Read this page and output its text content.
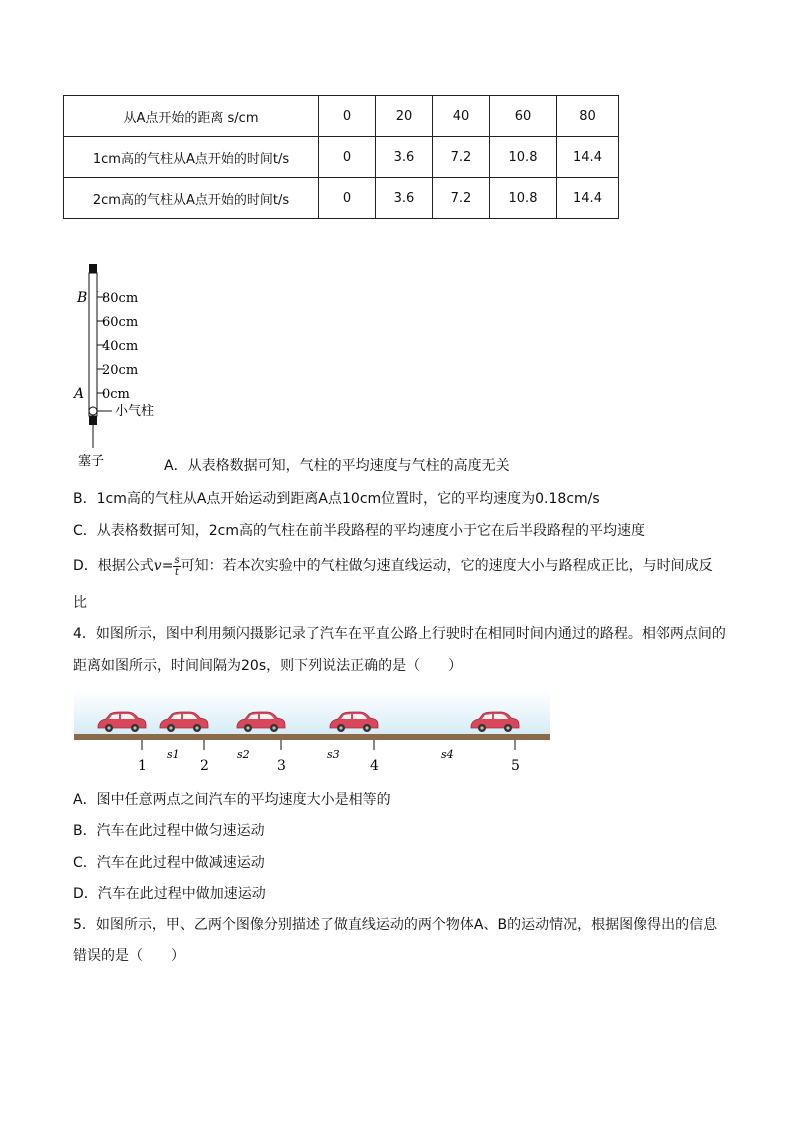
从A点开始的距离 s/cm	0	20	40	60	80
1cm高的气柱从A点开始的时间t/s	0	3.6	7.2	10.8	14.4
2cm高的气柱从A点开始的时间t/s	0	3.6	7.2	10.8	14.4
·
B
A
80cm
60cm
40cm
20cm
0cm
小气柱
塞子	A．从表格数据可知，气柱的平均速度与气柱的高度无关
B．1cm高的气柱从A点开始运动到距离A点10cm位置时，它的平均速度为0.18cm/s
C．从表格数据可知，2cm高的气柱在前半段路程的平均速度小于它在后半段路程的平均速度
D．根据公式$v= \frac{s}{t}$ 可知：若本次实验中的气柱做匀速直线运动，它的速度大小与路程成正比，与时间成反
比
4．如图所示，图中利用频闪摄影记录了汽车在平直公路上行驶时在相同时间内通过的路程。相邻两点间的
距离如图所示，时间间隔为20s，则下列说法正确的是（　　）
1	2	3	4	5
s1	s2	s3	s4
A．图中任意两点之间汽车的平均速度大小是相等的
B．汽车在此过程中做匀速运动
C．汽车在此过程中做减速运动
D．汽车在此过程中做加速运动
5．如图所示，甲、乙两个图像分别描述了做直线运动的两个物体A、B的运动情况，根据图像得出的信息
错误的是（　　）
